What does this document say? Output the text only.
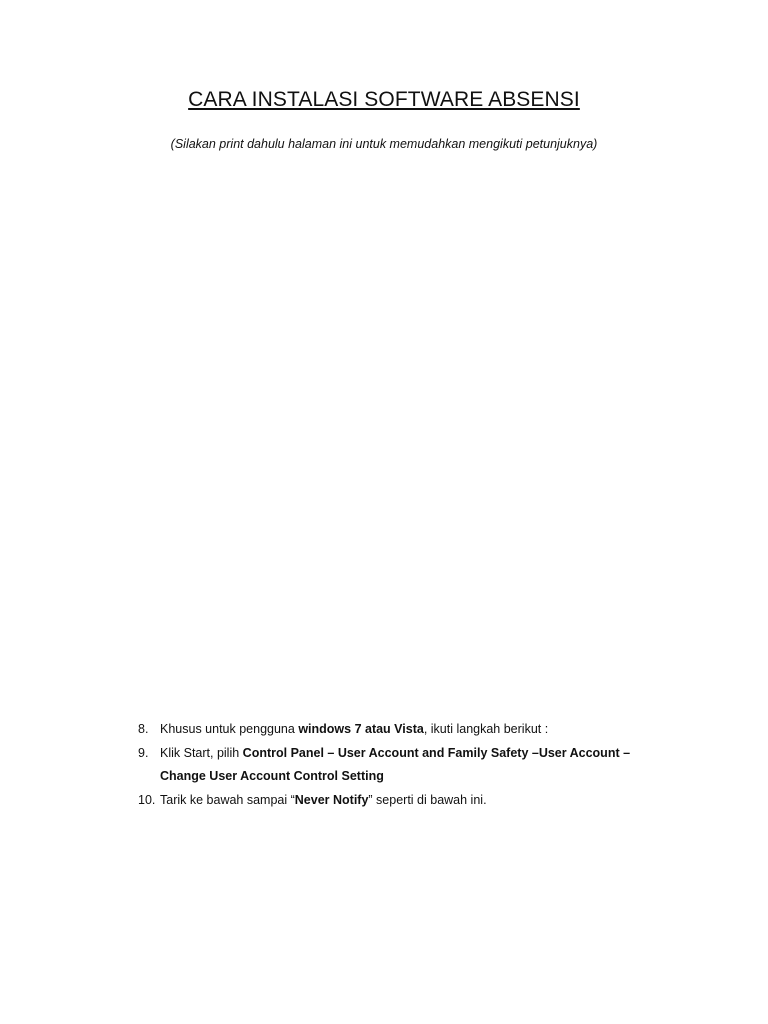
CARA INSTALASI SOFTWARE ABSENSI

(Silakan print dahulu halaman ini untuk memudahkan mengikuti petunjuknya)

8. Khusus untuk pengguna windows 7 atau Vista, ikuti langkah berikut :
9. Klik Start, pilih Control Panel – User Account and Family Safety –User Account – Change User Account Control Setting
10. Tarik ke bawah sampai “Never Notify” seperti di bawah ini.
